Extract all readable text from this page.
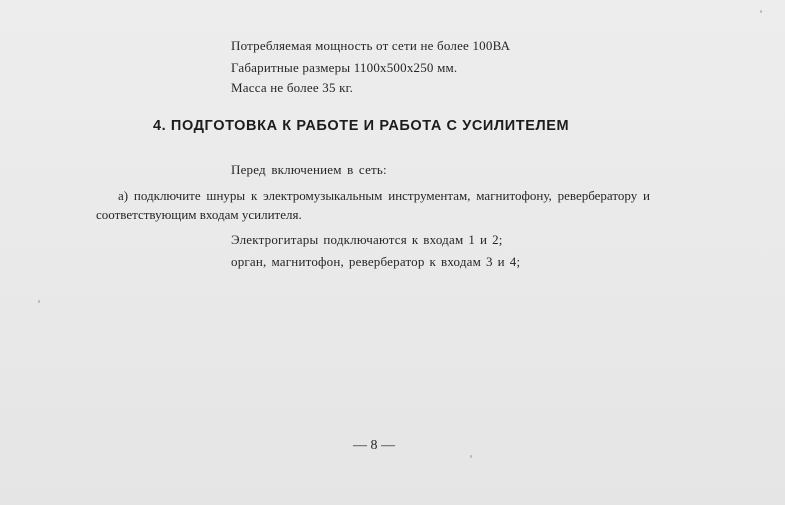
Потребляемая мощность от сети не более 100ВА
Габаритные размеры 1100х500х250 мм.
Масса не более 35 кг.
4. ПОДГОТОВКА К РАБОТЕ И РАБОТА С УСИЛИТЕЛЕМ
Перед включением в сеть:
а) подключите шнуры к электромузыкальным инструментам, магнитофону, ревербератору и
соответствующим входам усилителя.
Электрогитары подключаются к входам 1 и 2;
орган, магнитофон, ревербератор к входам 3 и 4;
— 8 —
